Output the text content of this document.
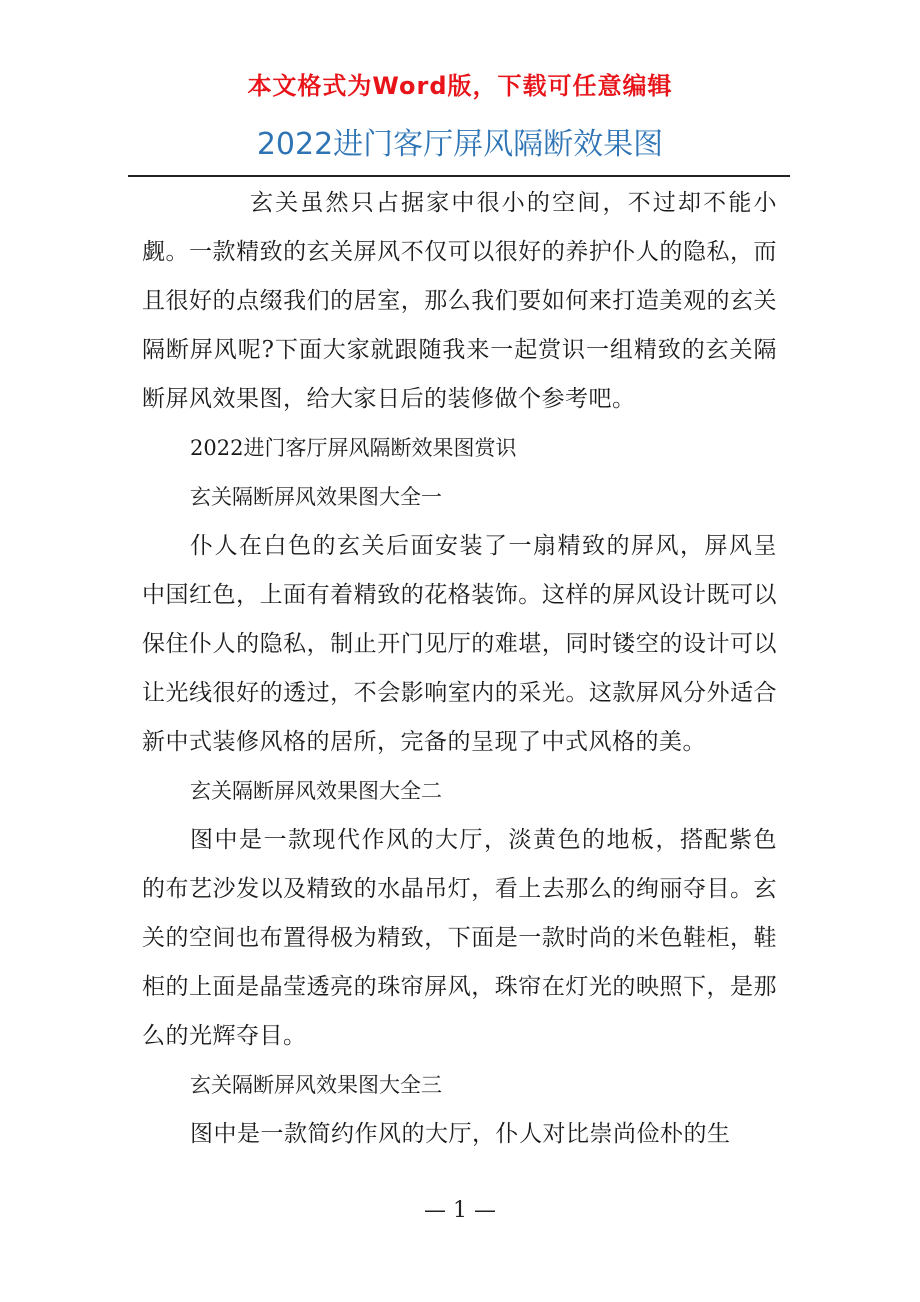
本文格式为Word版，下载可任意编辑
2022进门客厅屏风隔断效果图

玄关虽然只占据家中很小的空间，不过却不能小觑。一款精致的玄关屏风不仅可以很好的养护仆人的隐私，而且很好的点缀我们的居室，那么我们要如何来打造美观的玄关隔断屏风呢?下面大家就跟随我来一起赏识一组精致的玄关隔断屏风效果图，给大家日后的装修做个参考吧。

2022进门客厅屏风隔断效果图赏识

玄关隔断屏风效果图大全一

仆人在白色的玄关后面安装了一扇精致的屏风，屏风呈中国红色，上面有着精致的花格装饰。这样的屏风设计既可以保住仆人的隐私，制止开门见厅的难堪，同时镂空的设计可以让光线很好的透过，不会影响室内的采光。这款屏风分外适合新中式装修风格的居所，完备的呈现了中式风格的美。

玄关隔断屏风效果图大全二

图中是一款现代作风的大厅，淡黄色的地板，搭配紫色的布艺沙发以及精致的水晶吊灯，看上去那么的绚丽夺目。玄关的空间也布置得极为精致，下面是一款时尚的米色鞋柜，鞋柜的上面是晶莹透亮的珠帘屏风，珠帘在灯光的映照下，是那么的光辉夺目。

玄关隔断屏风效果图大全三

图中是一款简约作风的大厅，仆人对比崇尚俭朴的生

— 1 —
